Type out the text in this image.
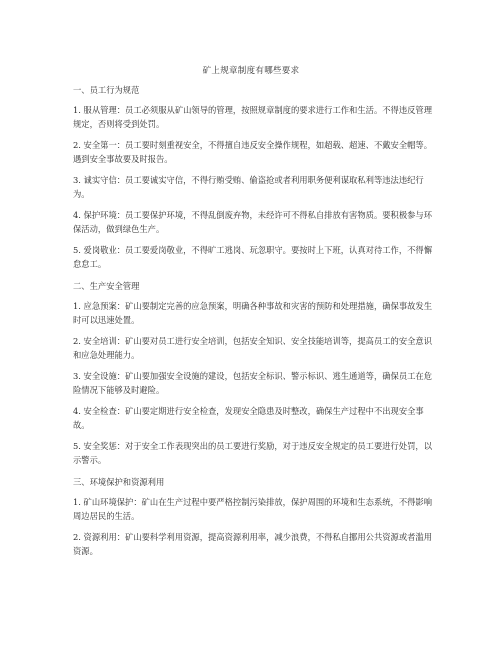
矿上规章制度有哪些要求

一、员工行为规范

1. 服从管理：员工必须服从矿山领导的管理，按照规章制度的要求进行工作和生活。不得违反管理规定，否则将受到处罚。

2. 安全第一：员工要时刻重视安全，不得擅自违反安全操作规程，如超载、超速、不戴安全帽等。遇到安全事故要及时报告。

3. 诚实守信：员工要诚实守信，不得行贿受贿、偷盗抢或者利用职务便利谋取私利等违法违纪行为。

4. 保护环境：员工要保护环境，不得乱倒废弃物，未经许可不得私自排放有害物质。要积极参与环保活动，做到绿色生产。

5. 爱岗敬业：员工要爱岗敬业，不得旷工逃岗、玩忽职守。要按时上下班，认真对待工作，不得懈怠怠工。

二、生产安全管理

1. 应急预案：矿山要制定完善的应急预案，明确各种事故和灾害的预防和处理措施，确保事故发生时可以迅速处置。

2. 安全培训：矿山要对员工进行安全培训，包括安全知识、安全技能培训等，提高员工的安全意识和应急处理能力。

3. 安全设施：矿山要加强安全设施的建设，包括安全标识、警示标识、逃生通道等，确保员工在危险情况下能够及时避险。

4. 安全检查：矿山要定期进行安全检查，发现安全隐患及时整改，确保生产过程中不出现安全事故。

5. 安全奖惩：对于安全工作表现突出的员工要进行奖励，对于违反安全规定的员工要进行处罚，以示警示。

三、环境保护和资源利用

1. 矿山环境保护：矿山在生产过程中要严格控制污染排放，保护周围的环境和生态系统，不得影响周边居民的生活。

2. 资源利用：矿山要科学利用资源，提高资源利用率，减少浪费，不得私自挪用公共资源或者滥用资源。
